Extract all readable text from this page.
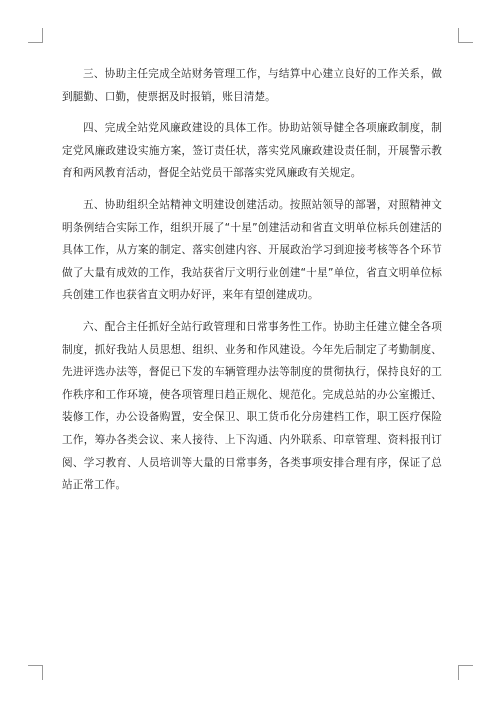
三、协助主任完成全站财务管理工作，与结算中心建立良好的工作关系，做到腿勤、口勤，使票据及时报销，账目清楚。

四、完成全站党风廉政建设的具体工作。协助站领导健全各项廉政制度，制定党风廉政建设实施方案，签订责任状，落实党风廉政建设责任制，开展警示教育和两风教育活动，督促全站党员干部落实党风廉政有关规定。

五、协助组织全站精神文明建设创建活动。按照站领导的部署，对照精神文明条例结合实际工作，组织开展了“十星”创建活动和省直文明单位标兵创建活的具体工作，从方案的制定、落实创建内容、开展政治学习到迎接考核等各个环节做了大量有成效的工作，我站获省厅文明行业创建“十星”单位，省直文明单位标兵创建工作也获省直文明办好评，来年有望创建成功。

六、配合主任抓好全站行政管理和日常事务性工作。协助主任建立健全各项制度，抓好我站人员思想、组织、业务和作风建设。今年先后制定了考勤制度、先进评选办法等，督促已下发的车辆管理办法等制度的贯彻执行，保持良好的工作秩序和工作环境，使各项管理日趋正规化、规范化。完成总站的办公室搬迁、装修工作，办公设备购置，安全保卫、职工货币化分房建档工作，职工医疗保险工作，筹办各类会议、来人接待、上下沟通、内外联系、印章管理、资料报刊订阅、学习教育、人员培训等大量的日常事务，各类事项安排合理有序，保证了总站正常工作。
